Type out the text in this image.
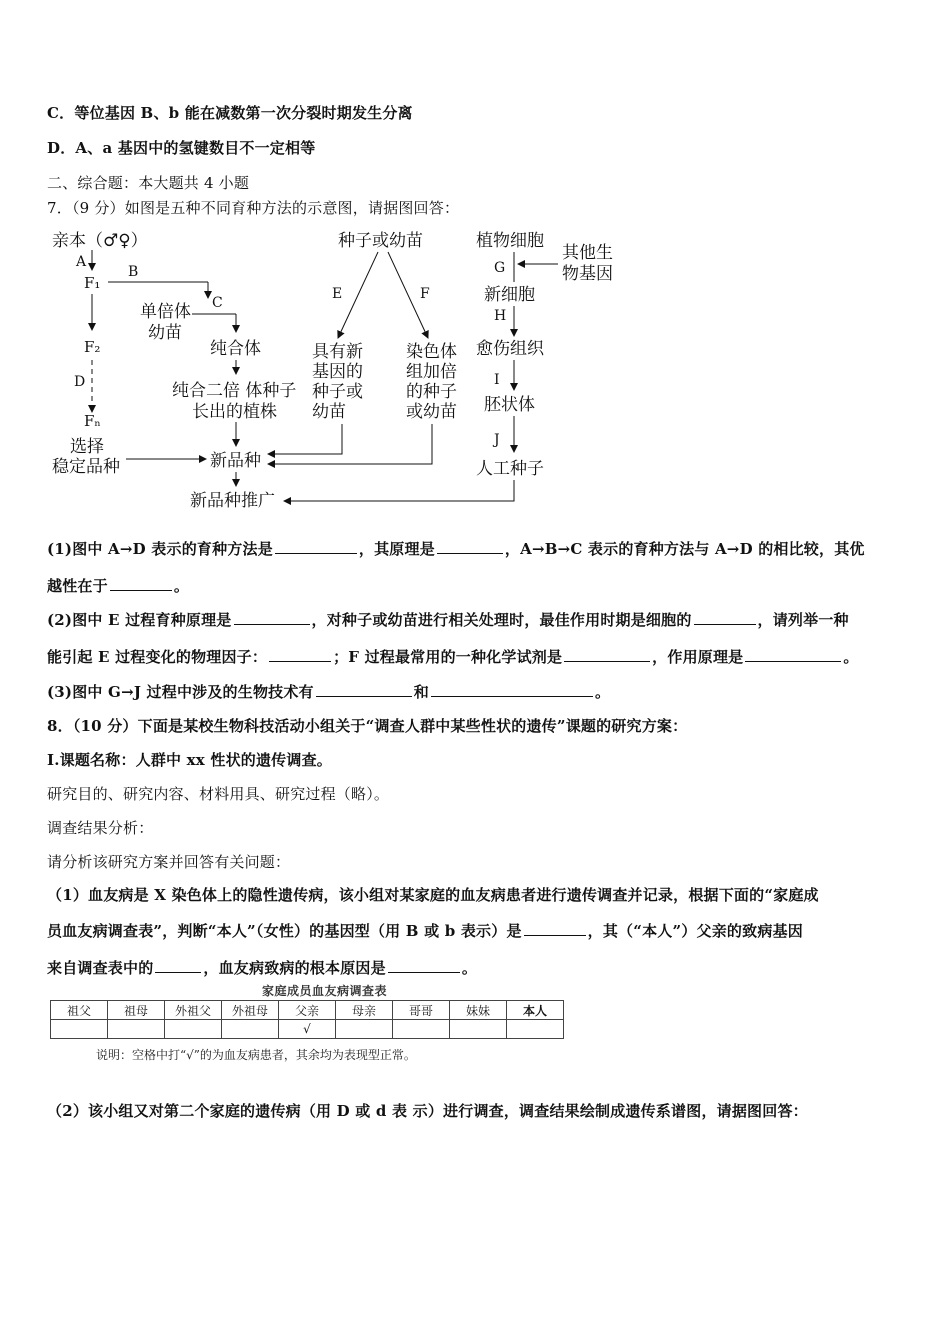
C．等位基因 B、b 能在减数第一次分裂时期发生分离
D．A、a 基因中的氢键数目不一定相等
二、综合题：本大题共 4 小题
7．（9 分）如图是五种不同育种方法的示意图，请据图回答：
亲本（♂♀）
A
F₁
B
单倍体
幼苗
C
纯合体
纯合二倍 体种子
长出的植株
F₂
D
Fₙ
选择
稳定品种	新品种
新品种推广
种子或幼苗
E	F
具有新
基因的
种子或
幼苗
染色体
组加倍
的种子
或幼苗
植物细胞
G
其他生
物基因
新细胞
H
愈伤组织
I
胚状体
J
人工种子
(1)图中 A→D 表示的育种方法是	，其原理是	，A→B→C 表示的育种方法与 A→D 的相比较，其优
越性在于	。
(2)图中 E 过程育种原理是	，对种子或幼苗进行相关处理时，最佳作用时期是细胞的	，请列举一种
能引起 E 过程变化的物理因子：	；F 过程最常用的一种化学试剂是	，作用原理是	。
(3)图中 G→J 过程中涉及的生物技术有	和	。
8．（10 分）下面是某校生物科技活动小组关于“调查人群中某些性状的遗传”课题的研究方案：
I.课题名称：人群中 xx 性状的遗传调查。
研究目的、研究内容、材料用具、研究过程（略）。
调查结果分析：
请分析该研究方案并回答有关问题：
（1）血友病是 X 染色体上的隐性遗传病，该小组对某家庭的血友病患者进行遗传调查并记录，根据下面的“家庭成
员血友病调查表”，判断“本人”（女性）的基因型（用 B 或 b 表示）是	，其（“本人”）父亲的致病基因
来自调查表中的	，血友病致病的根本原因是	。
家庭成员血友病调查表
祖父	祖母	外祖父	外祖母	父亲	母亲	哥哥	妹妹	本人
				√				
说明：空格中打“√”的为血友病患者，其余均为表现型正常。
（2）该小组又对第二个家庭的遗传病（用 D 或 d 表 示）进行调查，调查结果绘制成遗传系谱图，请据图回答：
